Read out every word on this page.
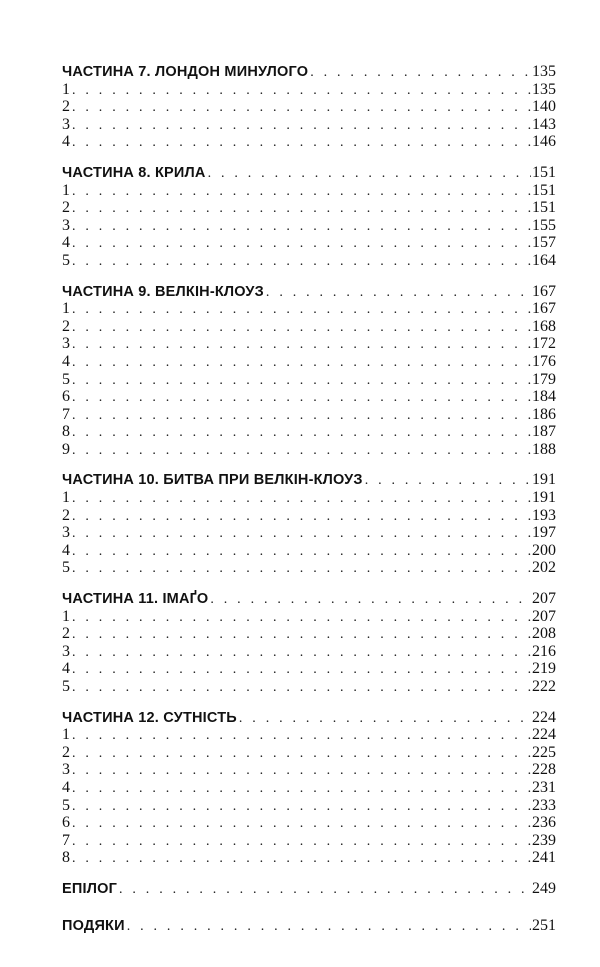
ЧАСТИНА 7. ЛОНДОН МИНУЛОГО . . .	135
1 . . .	135
2 . . .	140
3 . . .	143
4 . . .	146
ЧАСТИНА 8. КРИЛА . . .	151
1 . . .	151
2 . . .	151
3 . . .	155
4 . . .	157
5 . . .	164
ЧАСТИНА 9. ВЕЛКІН-КЛОУЗ . . .	167
1 . . .	167
2 . . .	168
3 . . .	172
4 . . .	176
5 . . .	179
6 . . .	184
7 . . .	186
8 . . .	187
9 . . .	188
ЧАСТИНА 10. БИТВА ПРИ ВЕЛКІН-КЛОУЗ . . .	191
1 . . .	191
2 . . .	193
3 . . .	197
4 . . .	200
5 . . .	202
ЧАСТИНА 11. ІМАҐО . . .	207
1 . . .	207
2 . . .	208
3 . . .	216
4 . . .	219
5 . . .	222
ЧАСТИНА 12. СУТНІСТЬ . . .	224
1 . . .	224
2 . . .	225
3 . . .	228
4 . . .	231
5 . . .	233
6 . . .	236
7 . . .	239
8 . . .	241
ЕПІЛОГ . . .	249
ПОДЯКИ . . .	251
